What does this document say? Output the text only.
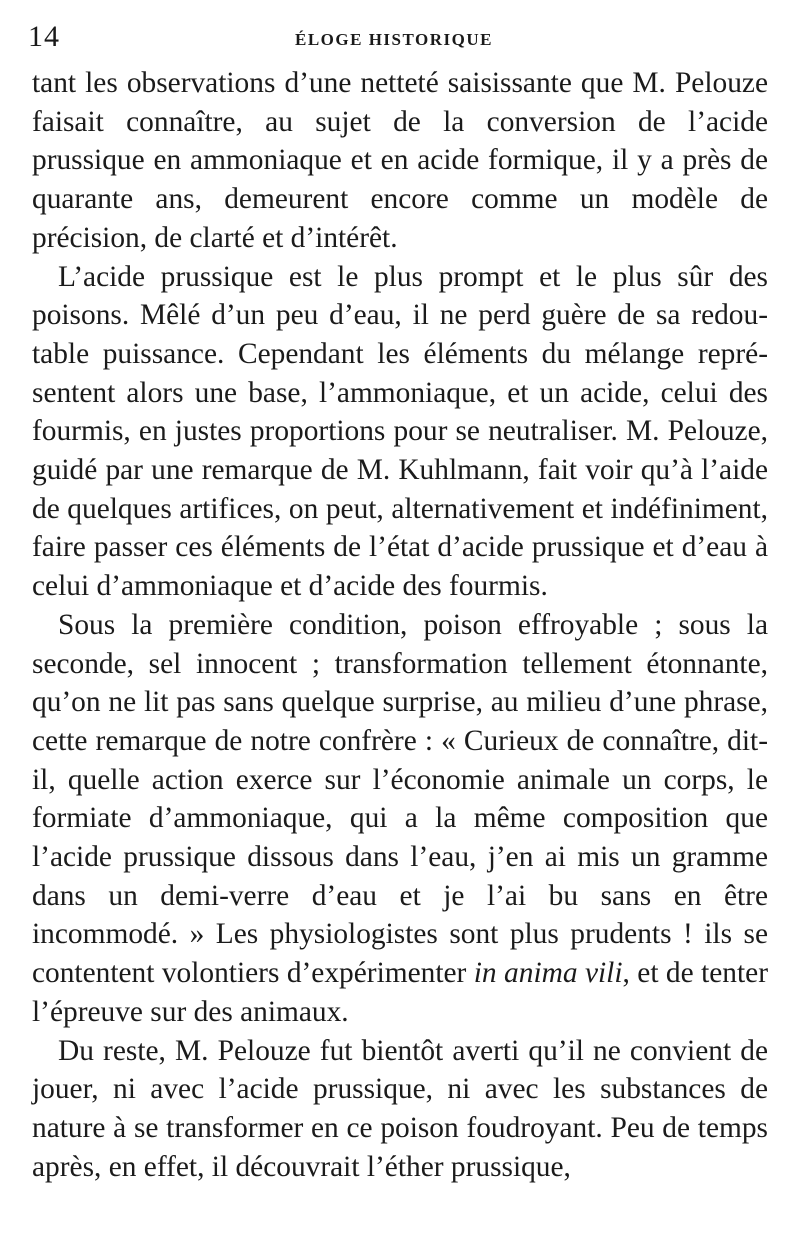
14	ÉLOGE HISTORIQUE

tant les observations d’une netteté saisissante que M. Pelouze faisait connaître, au sujet de la conversion de l’acide prussique en ammoniaque et en acide formique, il y a près de quarante ans, demeurent encore comme un modèle de précision, de clarté et d’intérêt.

L’acide prussique est le plus prompt et le plus sûr des poisons. Mêlé d’un peu d’eau, il ne perd guère de sa redoutable puissance. Cependant les éléments du mélange représentent alors une base, l’ammoniaque, et un acide, celui des fourmis, en justes proportions pour se neutraliser. M. Pelouze, guidé par une remarque de M. Kuhlmann, fait voir qu’à l’aide de quelques artifices, on peut, alternativement et indéfiniment, faire passer ces éléments de l’état d’acide prussique et d’eau à celui d’ammoniaque et d’acide des fourmis.

Sous la première condition, poison effroyable ; sous la seconde, sel innocent ; transformation tellement étonnante, qu’on ne lit pas sans quelque surprise, au milieu d’une phrase, cette remarque de notre confrère : « Curieux de connaître, dit-il, quelle action exerce sur l’économie animale un corps, le formiate d’ammoniaque, qui a la même composition que l’acide prussique dissous dans l’eau, j’en ai mis un gramme dans un demi-verre d’eau et je l’ai bu sans en être incommodé. » Les physiologistes sont plus prudents ! ils se contentent volontiers d’expérimenter in anima vili, et de tenter l’épreuve sur des animaux.

Du reste, M. Pelouze fut bientôt averti qu’il ne convient de jouer, ni avec l’acide prussique, ni avec les substances de nature à se transformer en ce poison foudroyant. Peu de temps après, en effet, il découvrait l’éther prussique,
